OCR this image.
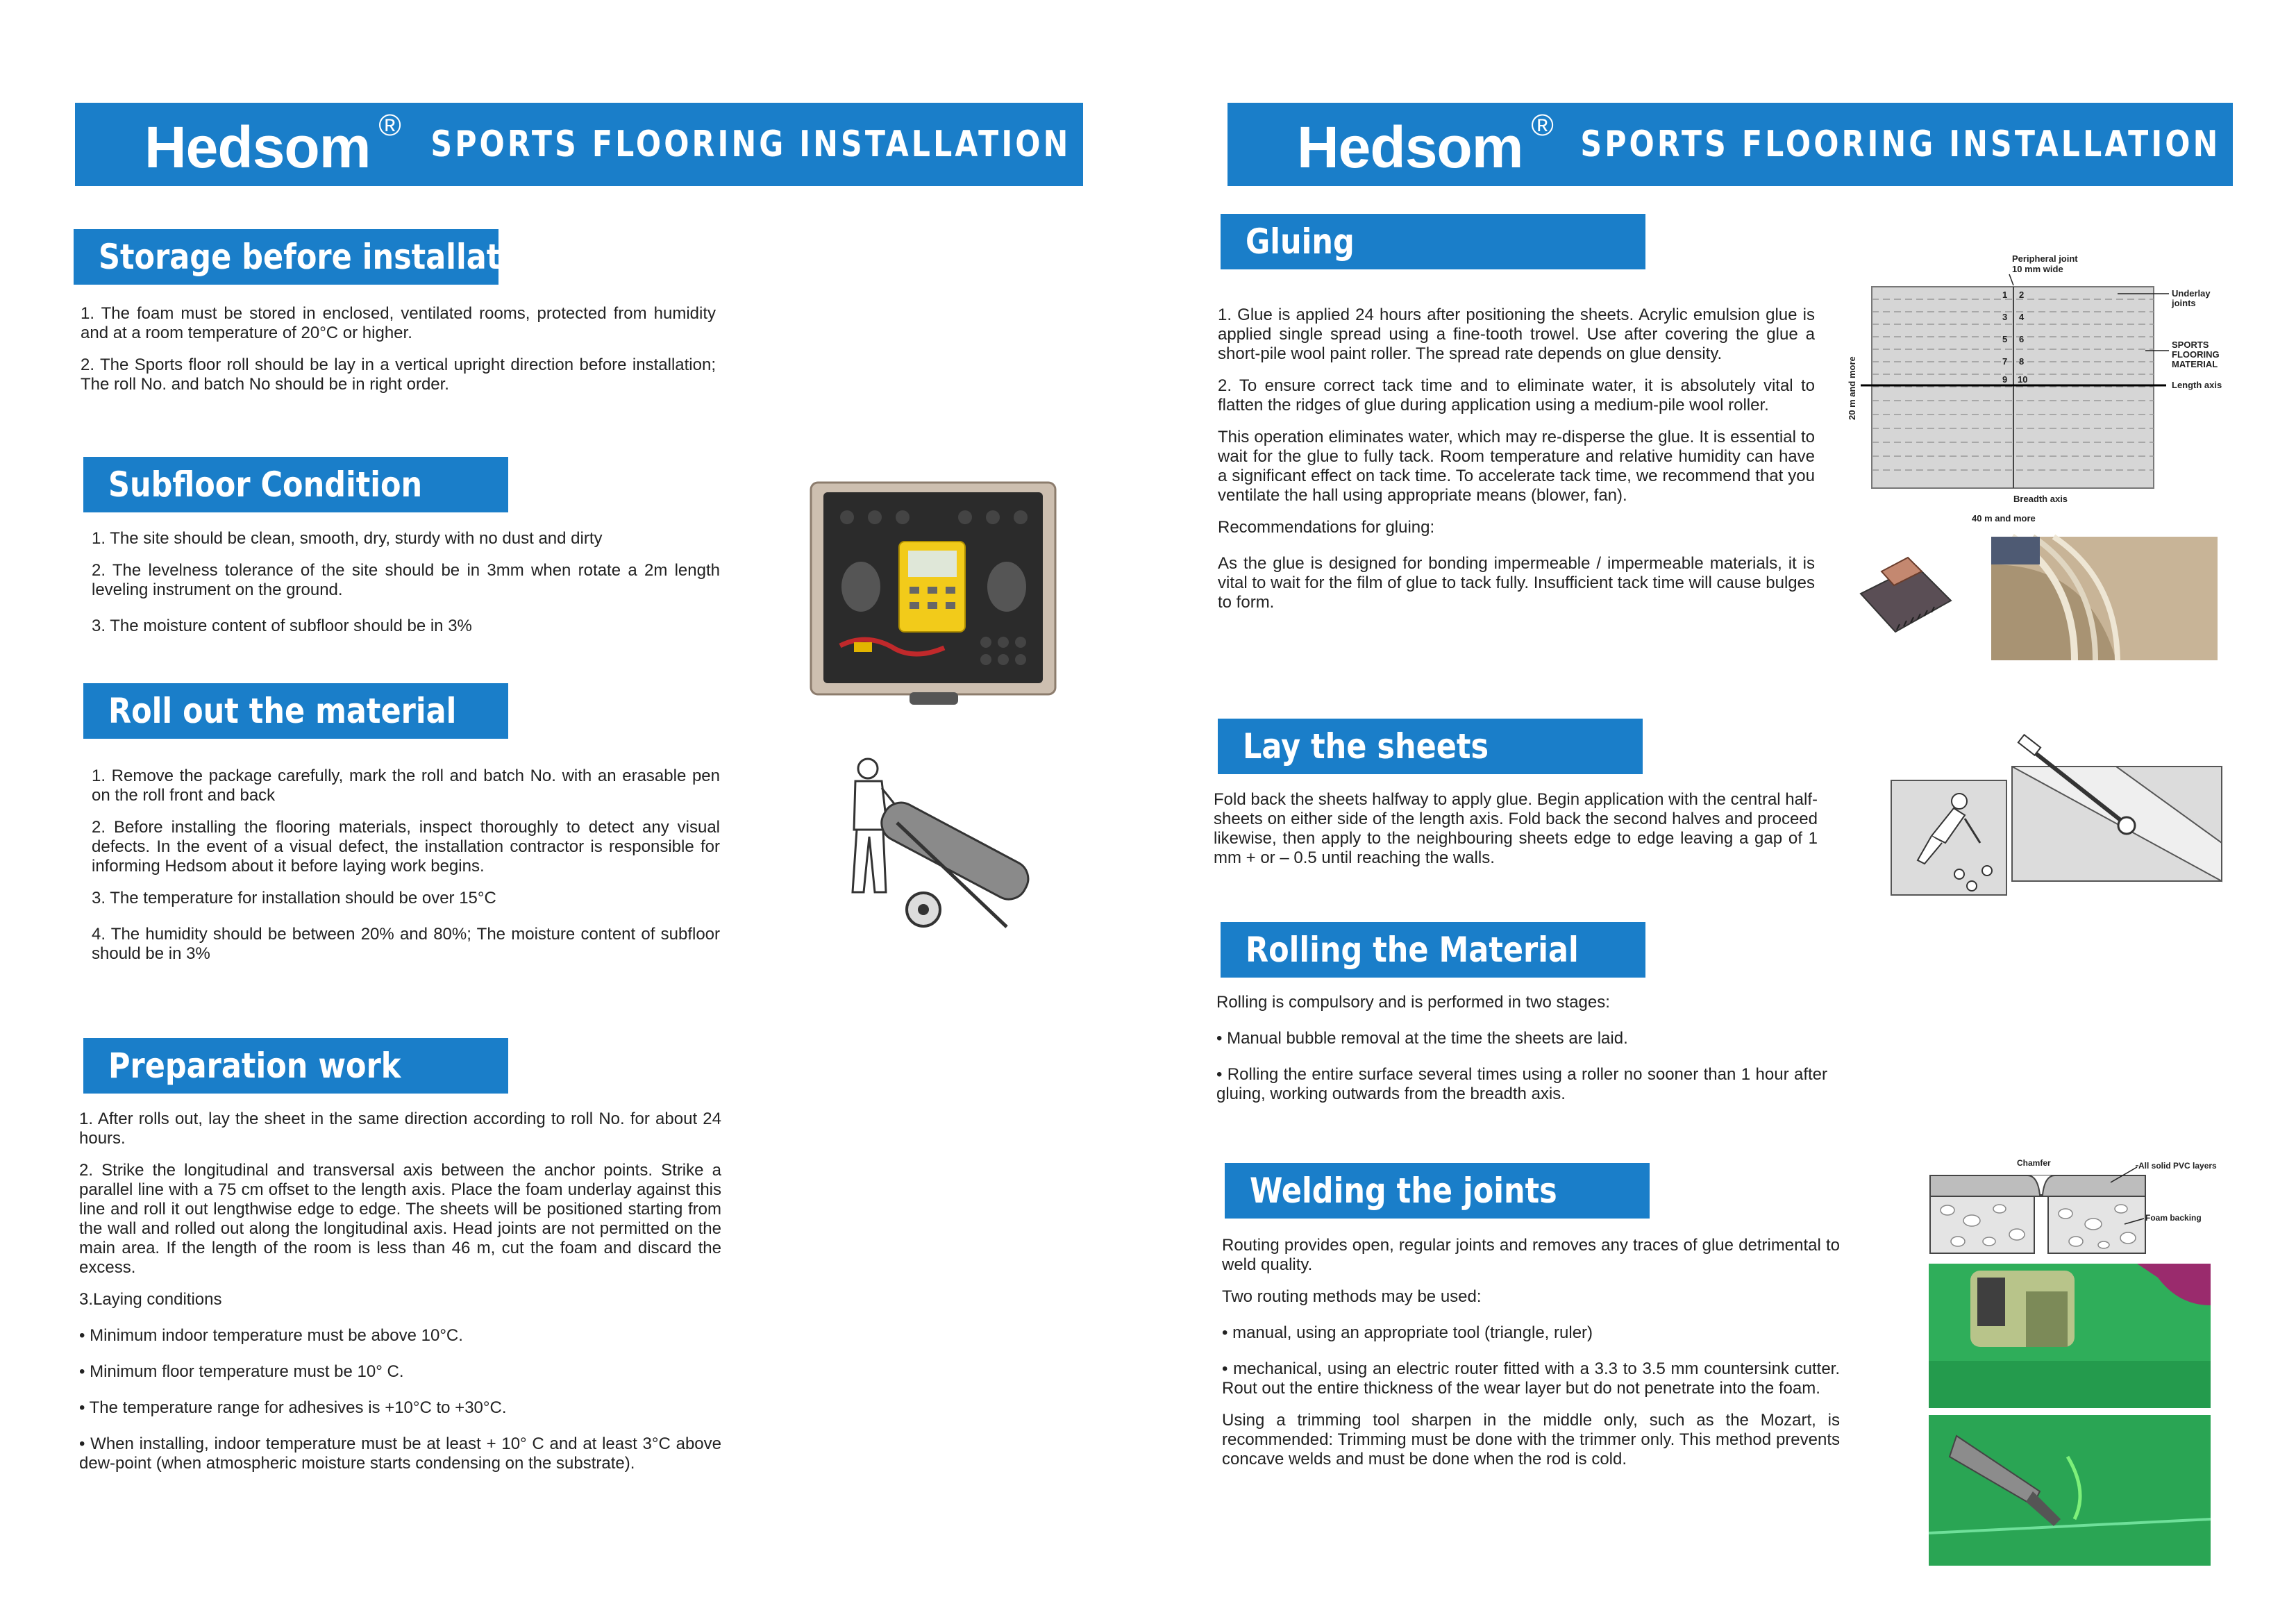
Hedsom ® SPORTS FLOORING INSTALLATION
Storage before installation

1. The foam must be stored in enclosed, ventilated rooms, protected from humidity and at a room temperature of 20°C or higher.

2. The Sports floor roll should be lay in a vertical upright direction before installation; The roll No. and batch No should be in right order.

Subfloor Condition

1. The site should be clean, smooth, dry, sturdy with no dust and dirty

2. The levelness tolerance of the site should be in 3mm when rotate a 2m length leveling instrument on the ground.

3. The moisture content of subfloor should be in 3%

Roll out the material

1. Remove the package carefully, mark the roll and batch No. with an erasable pen on the roll front and back

2. Before installing the flooring materials, inspect thoroughly to detect any visual defects. In the event of a visual defect, the installation contractor is responsible for informing Hedsom about it before laying work begins.

3. The temperature for installation should be over 15°C

4. The humidity should be between 20% and 80%; The moisture content of subfloor should be in 3%

Preparation work

1. After rolls out, lay the sheet in the same direction according to roll No. for about 24 hours.

2. Strike the longitudinal and transversal axis between the anchor points. Strike a parallel line with a 75 cm offset to the length axis. Place the foam underlay against this line and roll it out lengthwise edge to edge. The sheets will be positioned starting from the wall and rolled out along the longitudinal axis. Head joints are not permitted on the main area. If the length of the room is less than 46 m, cut the foam and discard the excess.

3.Laying conditions

• Minimum indoor temperature must be above 10°C.

• Minimum floor temperature must be 10° C.

• The temperature range for adhesives is +10°C to +30°C.

• When installing, indoor temperature must be at least + 10° C and at least 3°C above dew-point (when atmospheric moisture starts condensing on the substrate).

Hedsom ® SPORTS FLOORING INSTALLATION
Gluing

1. Glue is applied 24 hours after positioning the sheets. Acrylic emulsion glue is applied single spread using a fine-tooth trowel. Use after covering the glue a short-pile wool paint roller. The spread rate depends on glue density.

2. To ensure correct tack time and to eliminate water, it is absolutely vital to flatten the ridges of glue during application using a medium-pile wool roller.

This operation eliminates water, which may re-disperse the glue. It is essential to wait for the glue to fully tack. Room temperature and relative humidity can have a significant effect on tack time. To accelerate tack time, we recommend that you ventilate the hall using appropriate means (blower, fan).

Recommendations for gluing:

As the glue is designed for bonding impermeable / impermeable materials, it is vital to wait for the film of glue to tack fully. Insufficient tack time will cause bulges to form.

1 2
3 4
5 6
7 8
9 10
Peripheral joint
10 mm wide
Underlay
joints
SPORTS
FLOORING
MATERIAL
Length axis
Breadth axis
40 m and more
20 m and more
Lay the sheets

Fold back the sheets halfway to apply glue. Begin application with the central half-sheets on either side of the length axis. Fold back the second halves and proceed likewise, then apply to the neighbouring sheets edge to edge leaving a gap of 1 mm + or – 0.5 until reaching the walls.

Rolling the Material

Rolling is compulsory and is performed in two stages:

• Manual bubble removal at the time the sheets are laid.

• Rolling the entire surface several times using a roller no sooner than 1 hour after gluing, working outwards from the breadth axis.

Welding the joints

Routing provides open, regular joints and removes any traces of glue detrimental to weld quality.

Two routing methods may be used:

• manual, using an appropriate tool (triangle, ruler)

• mechanical, using an electric router fitted with a 3.3 to 3.5 mm countersink cutter. Rout out the entire thickness of the wear layer but do not penetrate into the foam.

Using a trimming tool sharpen in the middle only, such as the Mozart, is recommended: Trimming must be done with the trimmer only. This method prevents concave welds and must be done when the rod is cold.

Chamfer	All solid PVC layers
Foam backing
